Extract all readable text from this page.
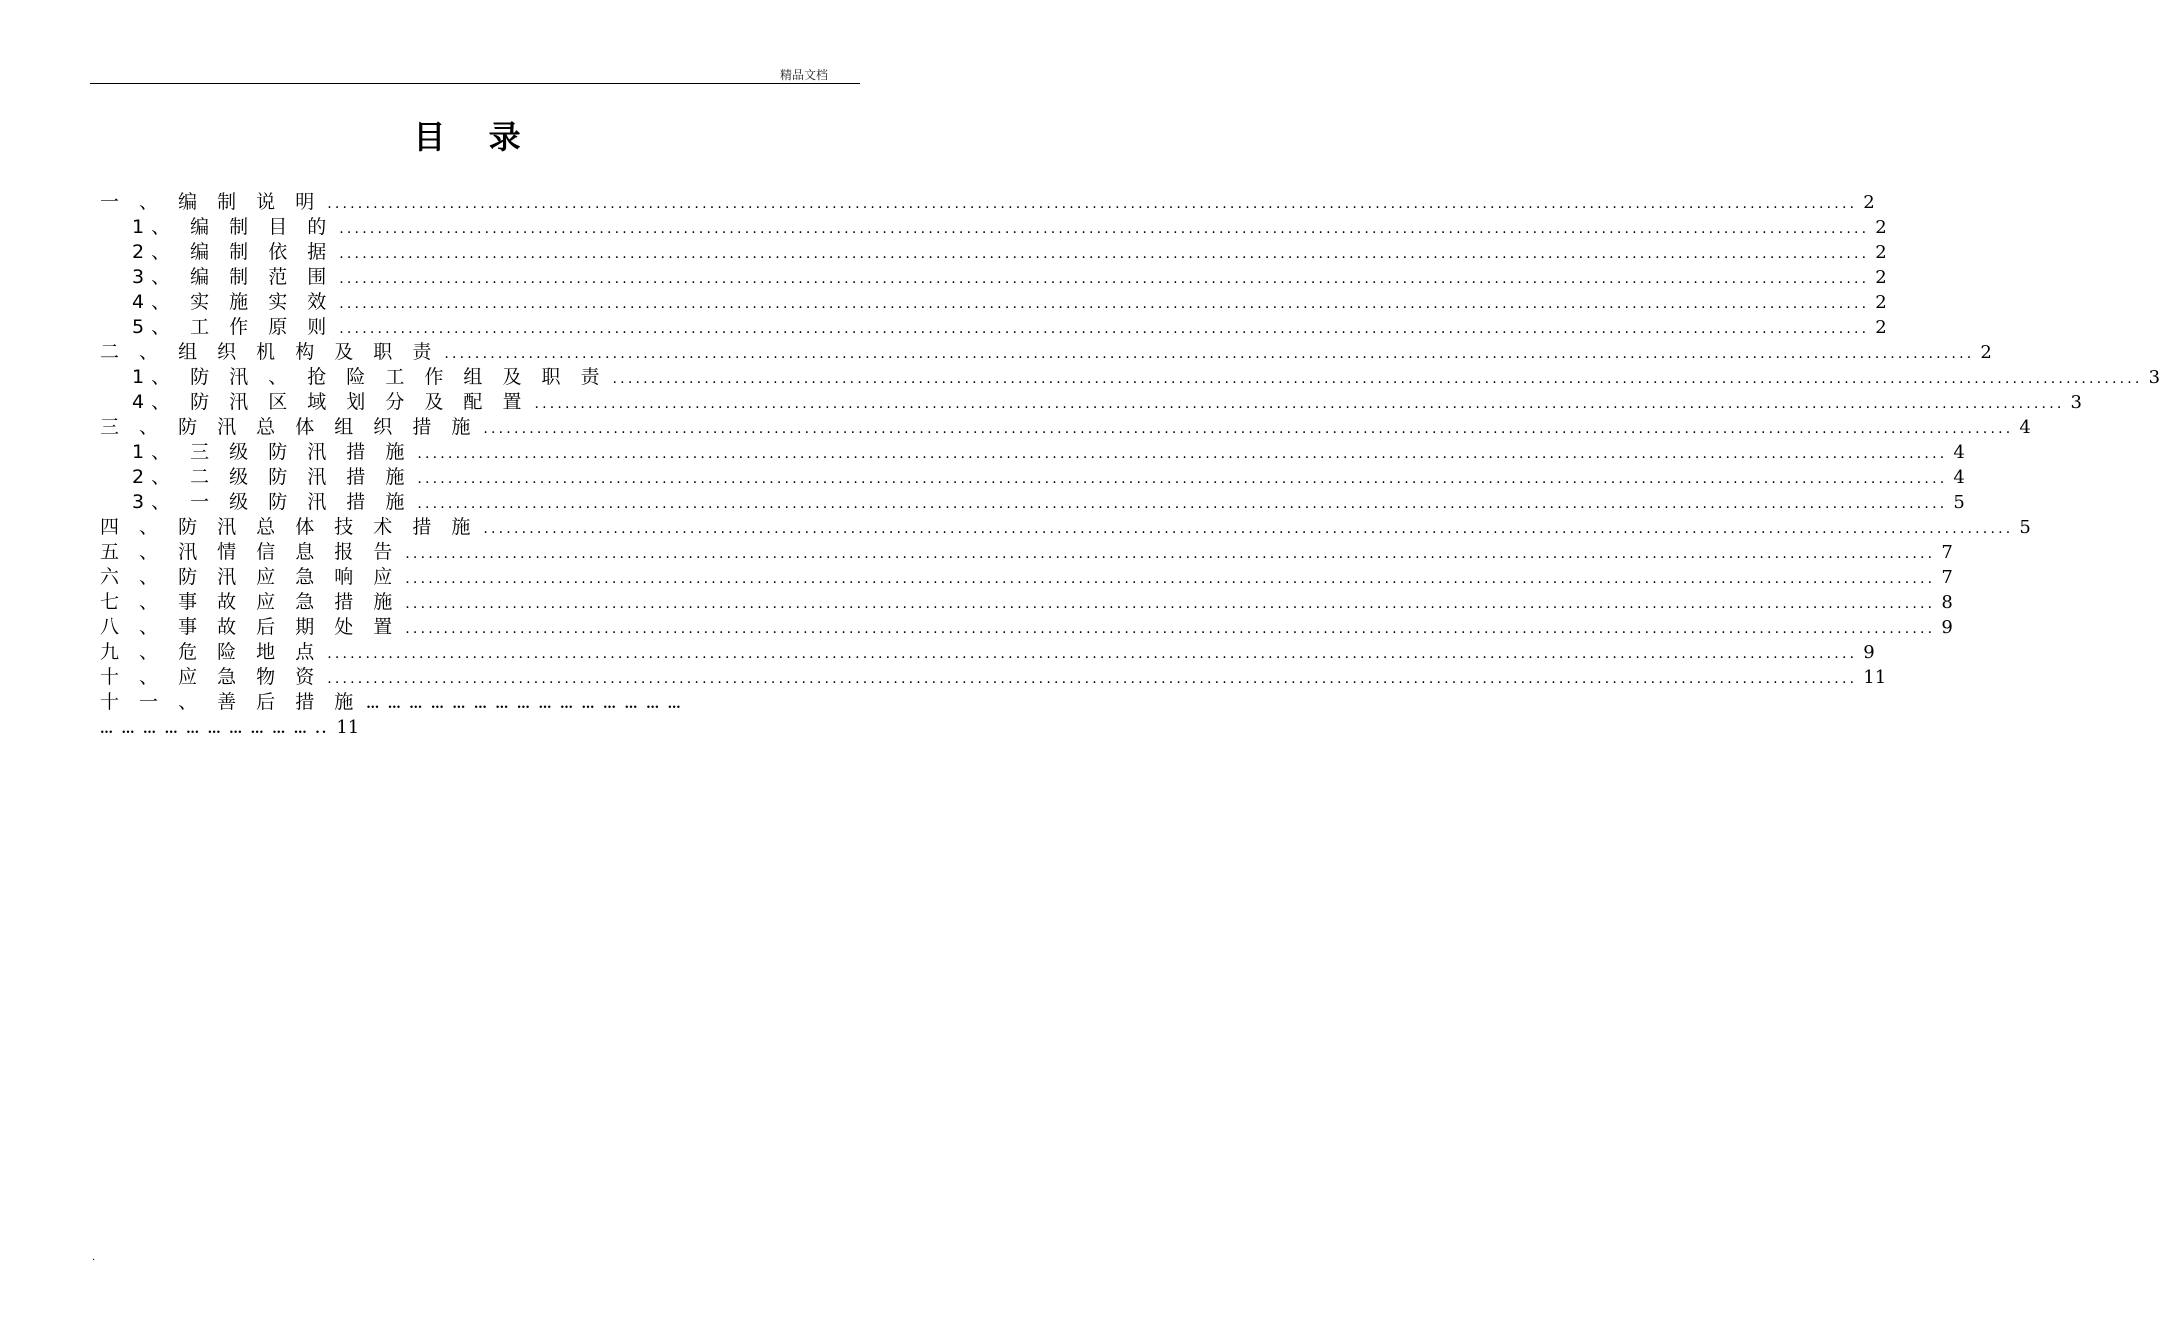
精品文档
目 录
一 、 编 制 说 明 ........................................................................................................................................................................................................ 2
1、 编 制 目 的 ........................................................................................................................................................................................................ 2
2、 编 制 依 据 ........................................................................................................................................................................................................ 2
3、 编 制 范 围 ........................................................................................................................................................................................................ 2
4、 实 施 实 效 ........................................................................................................................................................................................................ 2
5、 工 作 原 则 ........................................................................................................................................................................................................ 2
二 、 组 织 机 构 及 职 责 ........................................................................................................................................................................................................ 2
1、 防 汛 、 抢 险 工 作 组 及 职 责 ........................................................................................................................................................................................................ 3
4、 防 汛 区 域 划 分 及 配 置 ........................................................................................................................................................................................................ 3
三 、 防 汛 总 体 组 织 措 施 ........................................................................................................................................................................................................ 4
1、 三 级 防 汛 措 施 ........................................................................................................................................................................................................ 4
2、 二 级 防 汛 措 施 ........................................................................................................................................................................................................ 4
3、 一 级 防 汛 措 施 ........................................................................................................................................................................................................ 5
四 、 防 汛 总 体 技 术 措 施 ........................................................................................................................................................................................................ 5
五 、 汛 情 信 息 报 告 ........................................................................................................................................................................................................ 7
六 、 防 汛 应 急 响 应 ........................................................................................................................................................................................................ 7
七 、 事 故 应 急 措 施 ........................................................................................................................................................................................................ 8
八 、 事 故 后 期 处 置 ........................................................................................................................................................................................................ 9
九 、 危 险 地 点 ........................................................................................................................................................................................................ 9
十 、 应 急 物 资 ........................................................................................................................................................................................................ 11
十 一 、 善 后 措 施 … … … … … … … … … … … … … … …
… … … … … … … … … … .. 11
.
